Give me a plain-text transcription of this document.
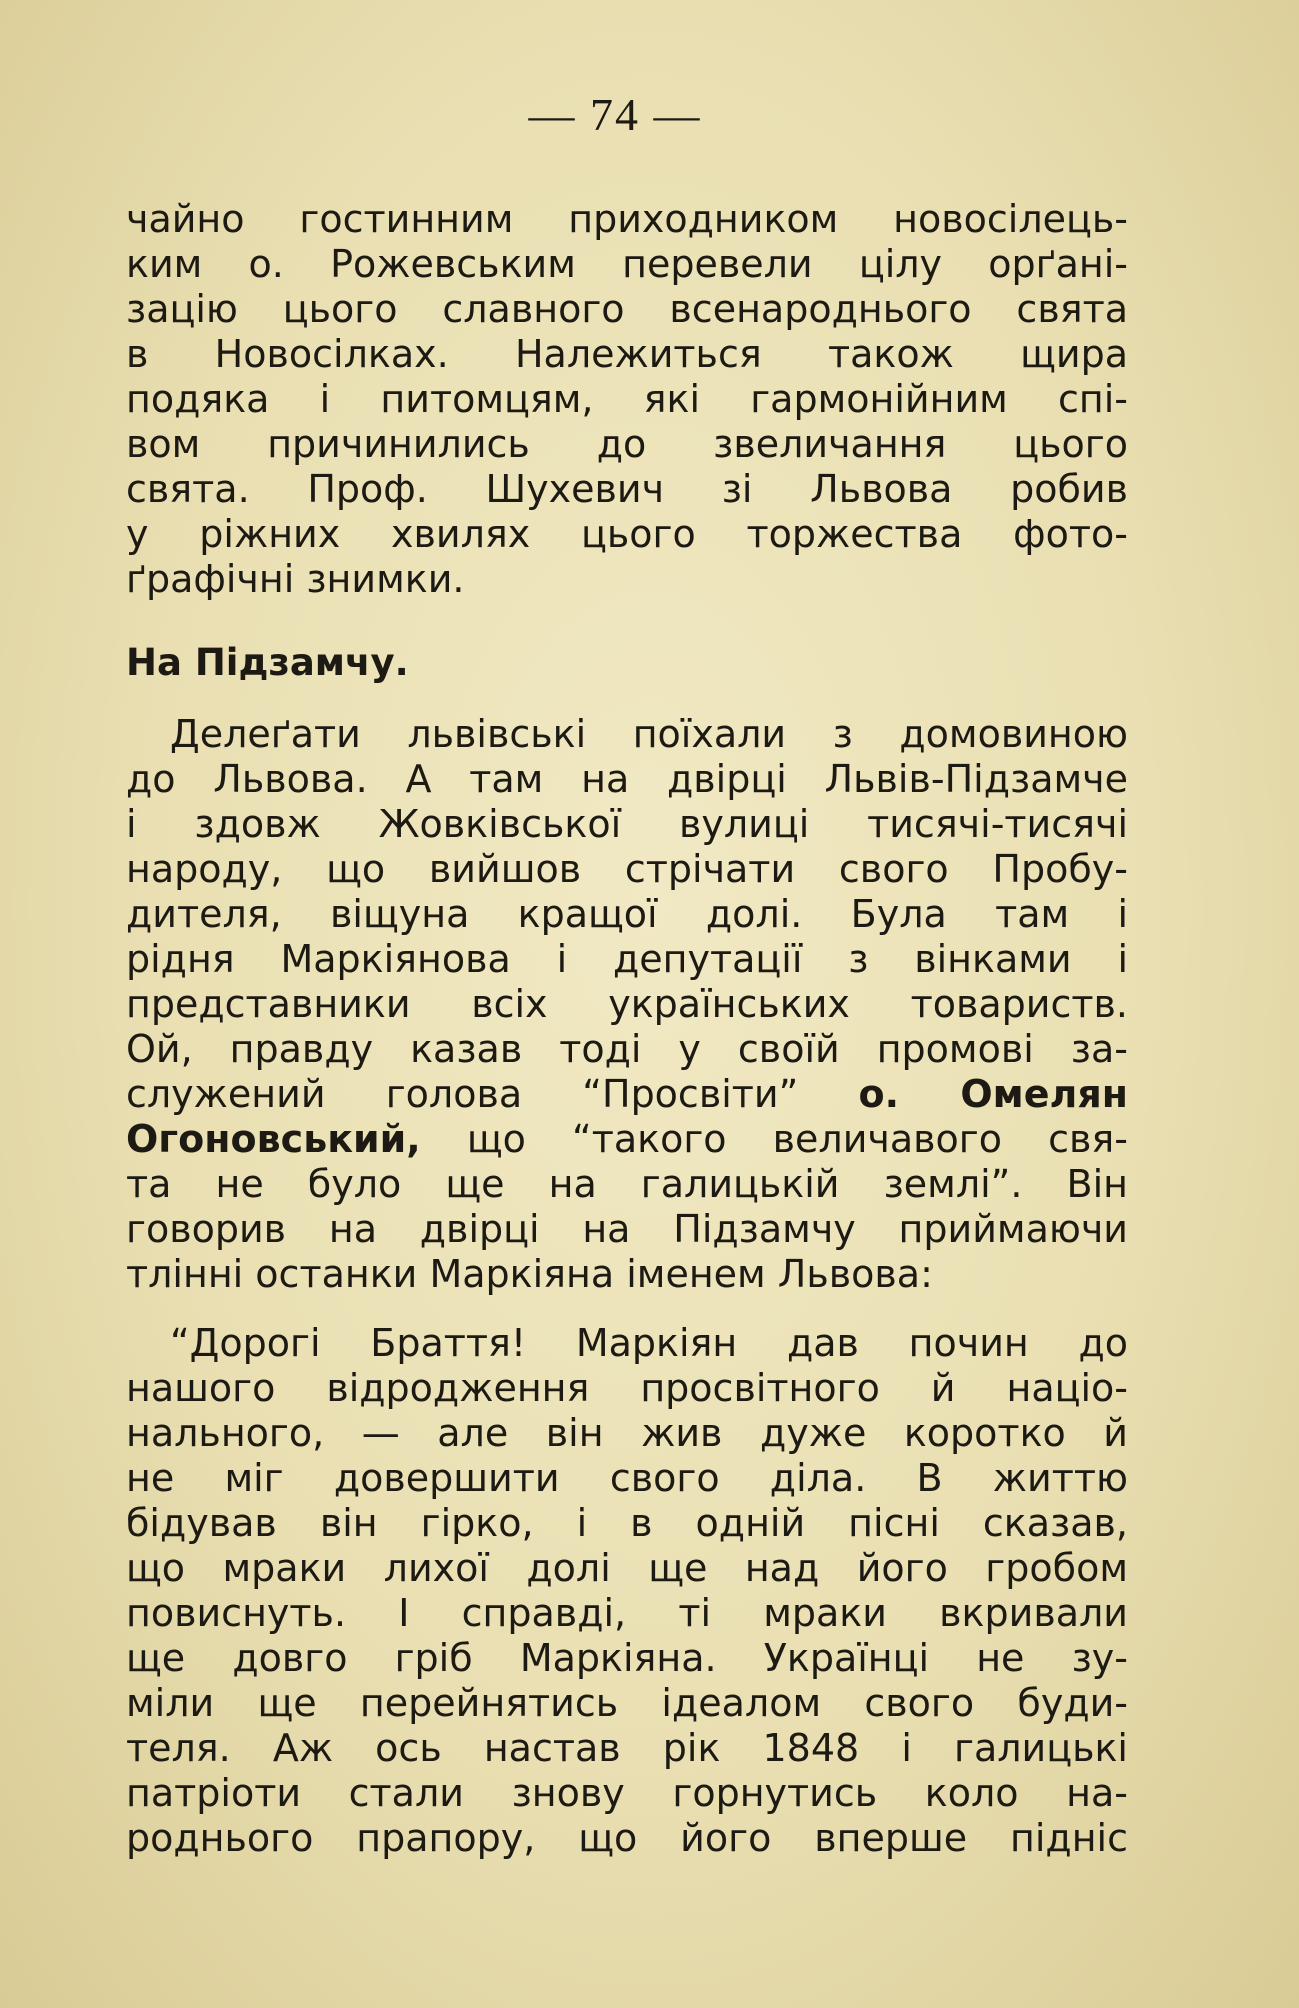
— 74 —
чайно гостинним приходником новосілець-
ким о. Рожевським перевели цілу орґані-
зацію цього славного всенароднього свята
в Новосілках. Належиться також щира
подяка і питомцям, які гармонійним спі-
вом причинились до звеличання цього
свята. Проф. Шухевич зі Львова робив
у ріжних хвилях цього торжества фото-
ґрафічні знимки.
На Підзамчу.
Делеґати львівські поїхали з домовиною
до Львова. А там на двірці Львів-Підзамче
і здовж Жовківської вулиці тисячі-тисячі
народу, що вийшов стрічати свого Пробу-
дителя, віщуна кращої долі. Була там і
рідня Маркіянова і депутації з вінками і
представники всіх українських товариств.
Ой, правду казав тоді у своїй промові за-
служений голова “Просвіти” о. Омелян
Огоновський, що “такого величавого свя-
та не було ще на галицькій землі”. Він
говорив на двірці на Підзамчу приймаючи
тлінні останки Маркіяна іменем Львова:
“Дорогі Браття! Маркіян дав почин до
нашого відродження просвітного й націо-
нального, — але він жив дуже коротко й
не міг довершити свого діла. В життю
бідував він гірко, і в одній пісні сказав,
що мраки лихої долі ще над його гробом
повиснуть. І справді, ті мраки вкривали
ще довго гріб Маркіяна. Українці не зу-
міли ще перейнятись ідеалом свого буди-
теля. Аж ось настав рік 1848 і галицькі
патріоти стали знову горнутись коло на-
роднього прапору, що його вперше підніс
